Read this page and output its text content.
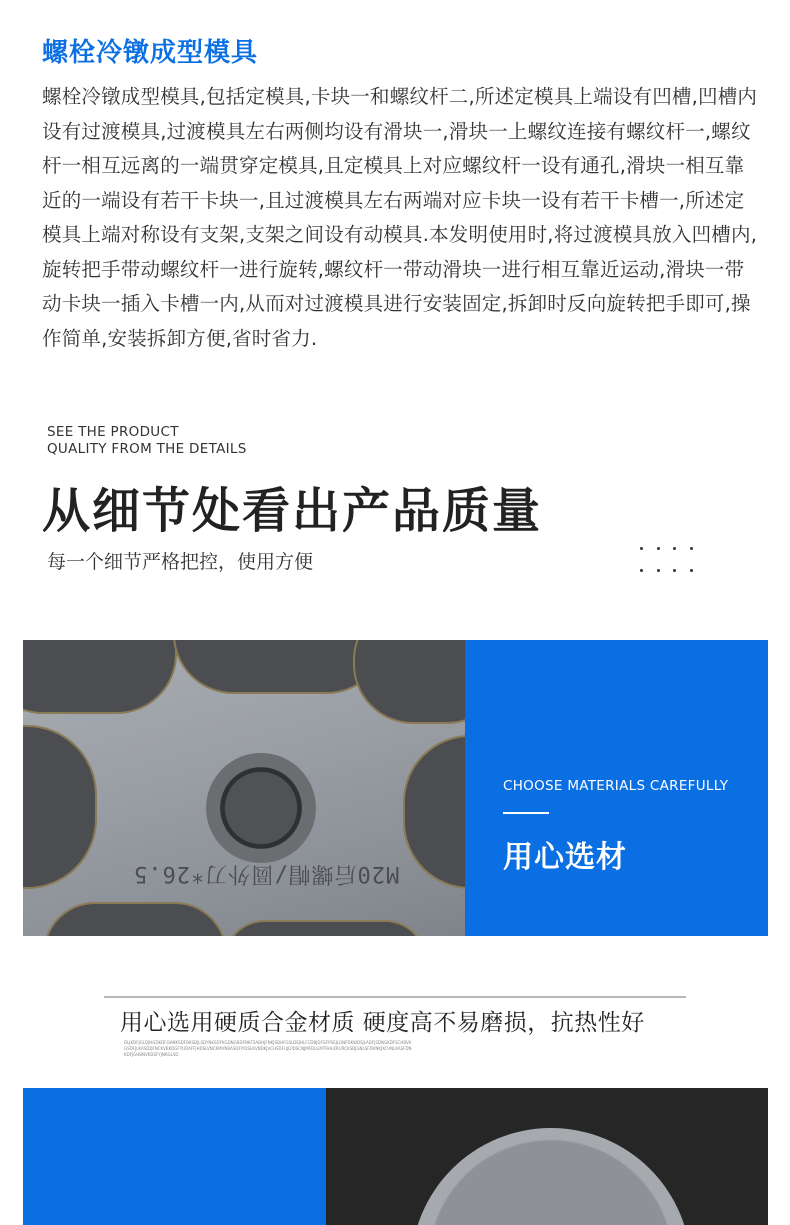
螺栓冷镦成型模具

螺栓冷镦成型模具,包括定模具,卡块一和螺纹杆二,所述定模具上端设有凹槽,凹槽内设有过渡模具,过渡模具左右两侧均设有滑块一,滑块一上螺纹连接有螺纹杆一,螺纹杆一相互远离的一端贯穿定模具,且定模具上对应螺纹杆一设有通孔,滑块一相互靠近的一端设有若干卡块一,且过渡模具左右两端对应卡块一设有若干卡槽一,所述定模具上端对称设有支架,支架之间设有动模具.本发明使用时,将过渡模具放入凹槽内,旋转把手带动螺纹杆一进行旋转,螺纹杆一带动滑块一进行相互靠近运动,滑块一带动卡块一插入卡槽一内,从而对过渡模具进行安装固定,拆卸时反向旋转把手即可,操作简单,安装拆卸方便,省时省力.

SEE THE PRODUCT
QUALITY FROM THE DETAILS
从细节处看出产品质量
每一个细节严格把控，使用方便
M20后螺帽/圆外刀*26.5
CHOOSE MATERIALS CAREFULLY
用心选材
用心选用硬质合金材质 硬度高不易磨损，抗热性好
DLJKDFJGLDJHGDKDFGHNKSDFBKSDJLSDYNKSDFKGDNGBDFNKFSADHJFNKJSDHFGSLDEJHLFCDBJDFGFPSEJLGNFDKWDSJLADFJSDNGKDFSCHBVKGSDFJLKASDDFNCKVBKDGFYUDAFFJHDSLVNCKMVNBASDFIYDSLKVNDKJVCHSDFUJLPDSCNJMFDLGMTRHLKRURCKSDJGNLSFDVNKJXCVNLKASFDNKDFJGHBNVKDSFYJNKGLSD
